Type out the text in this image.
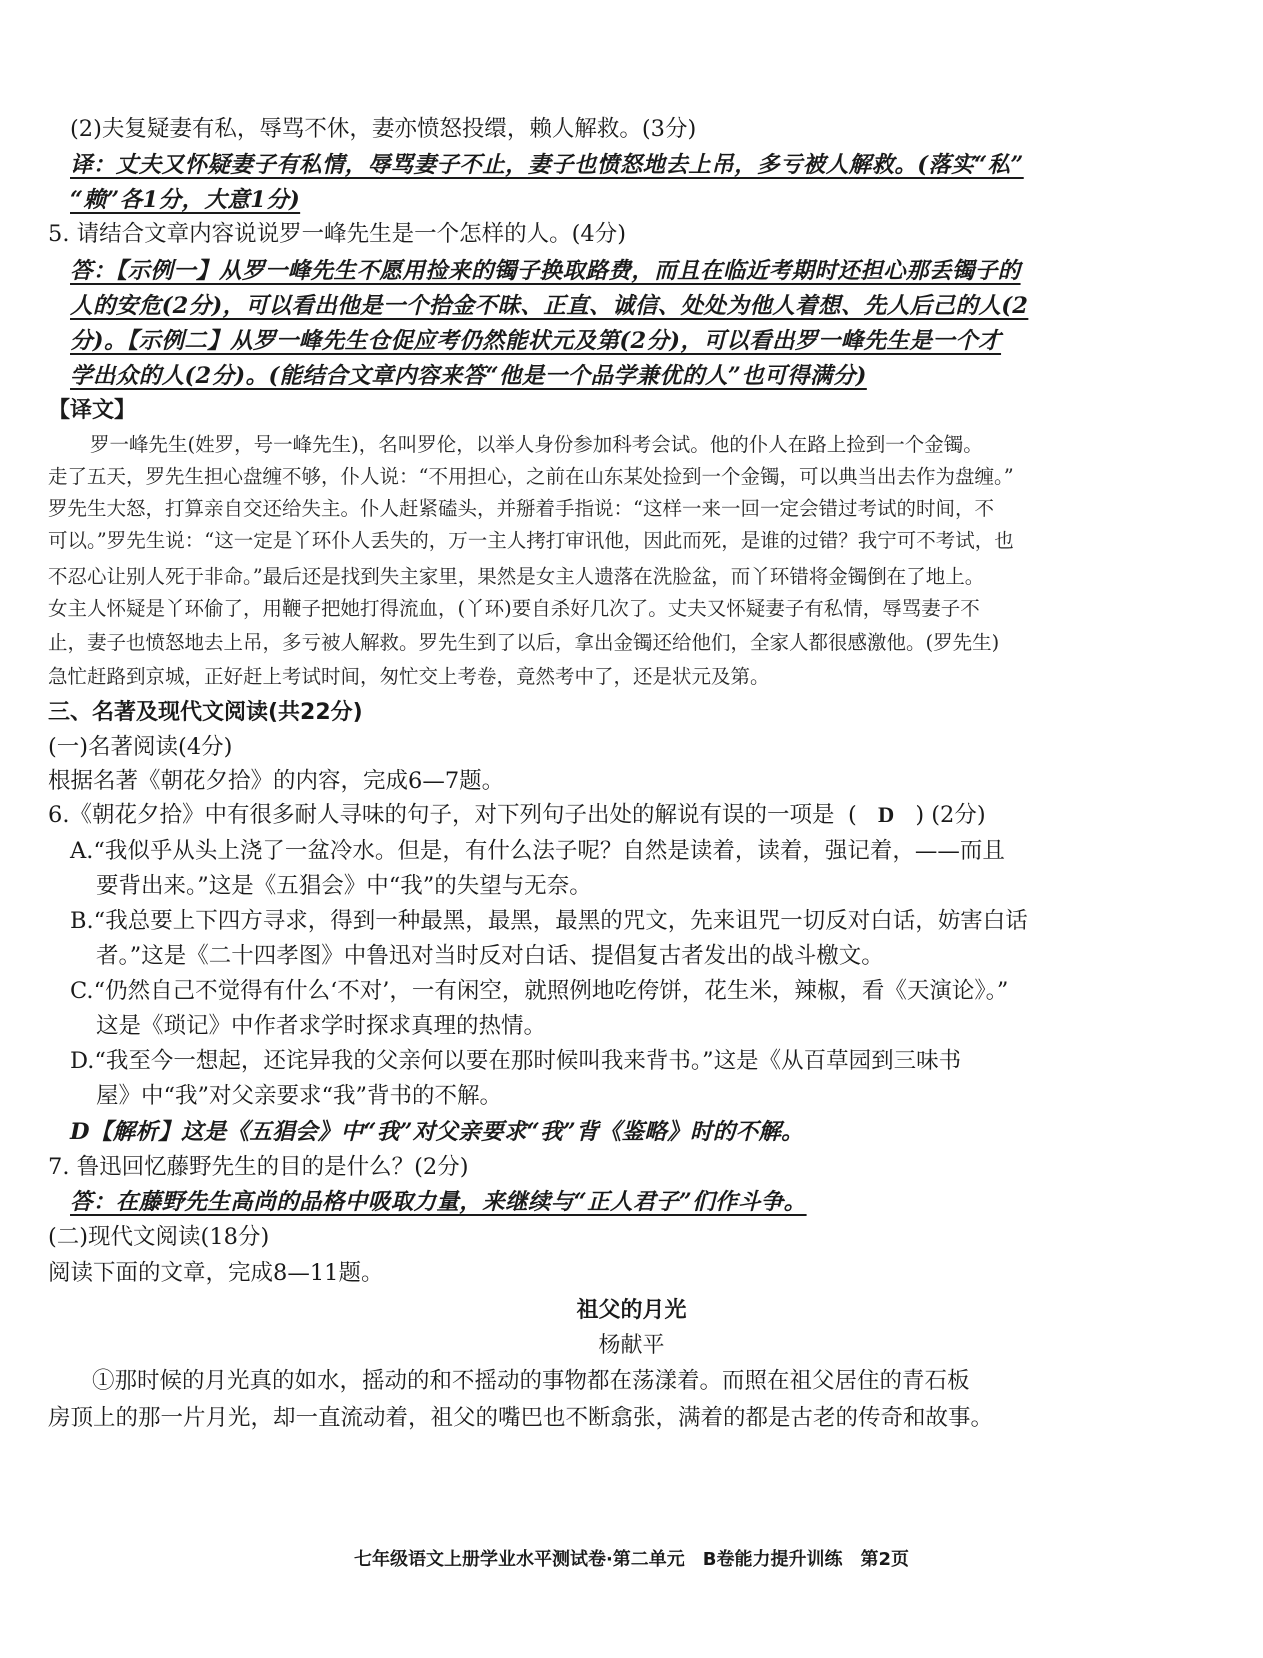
(2)夫复疑妻有私，辱骂不休，妻亦愤怒投缳，赖人解救。(3分)
译：丈夫又怀疑妻子有私情，辱骂妻子不止，妻子也愤怒地去上吊，多亏被人解救。(落实“私”
“赖”各1分，大意1分)
5. 请结合文章内容说说罗一峰先生是一个怎样的人。(4分)
答：【示例一】从罗一峰先生不愿用捡来的镯子换取路费，而且在临近考期时还担心那丢镯子的
人的安危(2分)，可以看出他是一个拾金不昧、正直、诚信、处处为他人着想、先人后己的人(2
分)。【示例二】从罗一峰先生仓促应考仍然能状元及第(2分)，可以看出罗一峰先生是一个才
学出众的人(2分)。(能结合文章内容来答“他是一个品学兼优的人”也可得满分)
【译文】
罗一峰先生(姓罗，号一峰先生)，名叫罗伦，以举人身份参加科考会试。他的仆人在路上捡到一个金镯。
走了五天，罗先生担心盘缠不够，仆人说：“不用担心，之前在山东某处捡到一个金镯，可以典当出去作为盘缠。”
罗先生大怒，打算亲自交还给失主。仆人赶紧磕头，并掰着手指说：“这样一来一回一定会错过考试的时间，不
可以。”罗先生说：“这一定是丫环仆人丢失的，万一主人拷打审讯他，因此而死，是谁的过错？我宁可不考试，也
不忍心让别人死于非命。”最后还是找到失主家里，果然是女主人遗落在洗脸盆，而丫环错将金镯倒在了地上。
女主人怀疑是丫环偷了，用鞭子把她打得流血，(丫环)要自杀好几次了。丈夫又怀疑妻子有私情，辱骂妻子不
止，妻子也愤怒地去上吊，多亏被人解救。罗先生到了以后，拿出金镯还给他们，全家人都很感激他。(罗先生)
急忙赶路到京城，正好赶上考试时间，匆忙交上考卷，竟然考中了，还是状元及第。
三、名著及现代文阅读(共22分)
(一)名著阅读(4分)
根据名著《朝花夕拾》的内容，完成6—7题。
6.《朝花夕拾》中有很多耐人寻味的句子，对下列句子出处的解说有误的一项是 ( D ) (2分)
A.“我似乎从头上浇了一盆冷水。但是，有什么法子呢？自然是读着，读着，强记着，——而且
要背出来。”这是《五猖会》中“我”的失望与无奈。
B.“我总要上下四方寻求，得到一种最黑，最黑，最黑的咒文，先来诅咒一切反对白话，妨害白话
者。”这是《二十四孝图》中鲁迅对当时反对白话、提倡复古者发出的战斗檄文。
C.“仍然自己不觉得有什么‘不对’，一有闲空，就照例地吃侉饼，花生米，辣椒，看《天演论》。”
这是《琐记》中作者求学时探求真理的热情。
D.“我至今一想起，还诧异我的父亲何以要在那时候叫我来背书。”这是《从百草园到三味书
屋》中“我”对父亲要求“我”背书的不解。
D【解析】这是《五猖会》中“我”对父亲要求“我”背《鉴略》时的不解。
7. 鲁迅回忆藤野先生的目的是什么？(2分)
答：在藤野先生高尚的品格中吸取力量，来继续与“正人君子”们作斗争。
(二)现代文阅读(18分)
阅读下面的文章，完成8—11题。
祖父的月光
杨献平
①那时候的月光真的如水，摇动的和不摇动的事物都在荡漾着。而照在祖父居住的青石板
房顶上的那一片月光，却一直流动着，祖父的嘴巴也不断翕张，满着的都是古老的传奇和故事。
七年级语文上册学业水平测试卷·第二单元　B卷能力提升训练　第2页
